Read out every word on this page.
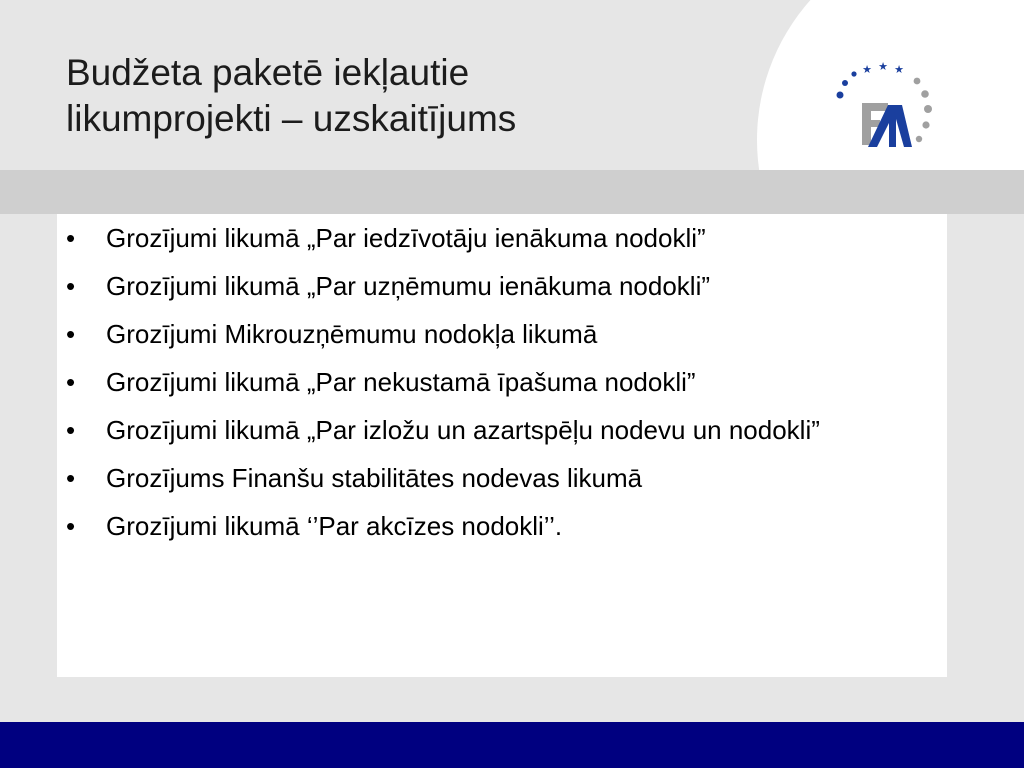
Budžeta paketē iekļautie
likumprojekti – uzskaitījums
★ ★ ★
• Grozījumi likumā „Par iedzīvotāju ienākuma nodokli”
• Grozījumi likumā „Par uzņēmumu ienākuma nodokli”
• Grozījumi Mikrouzņēmumu nodokļa likumā
• Grozījumi likumā „Par nekustamā īpašuma nodokli”
• Grozījumi likumā „Par izložu un azartspēļu nodevu un nodokli”
• Grozījums Finanšu stabilitātes nodevas likumā
• Grozījumi likumā ‘’Par akcīzes nodokli’’.
